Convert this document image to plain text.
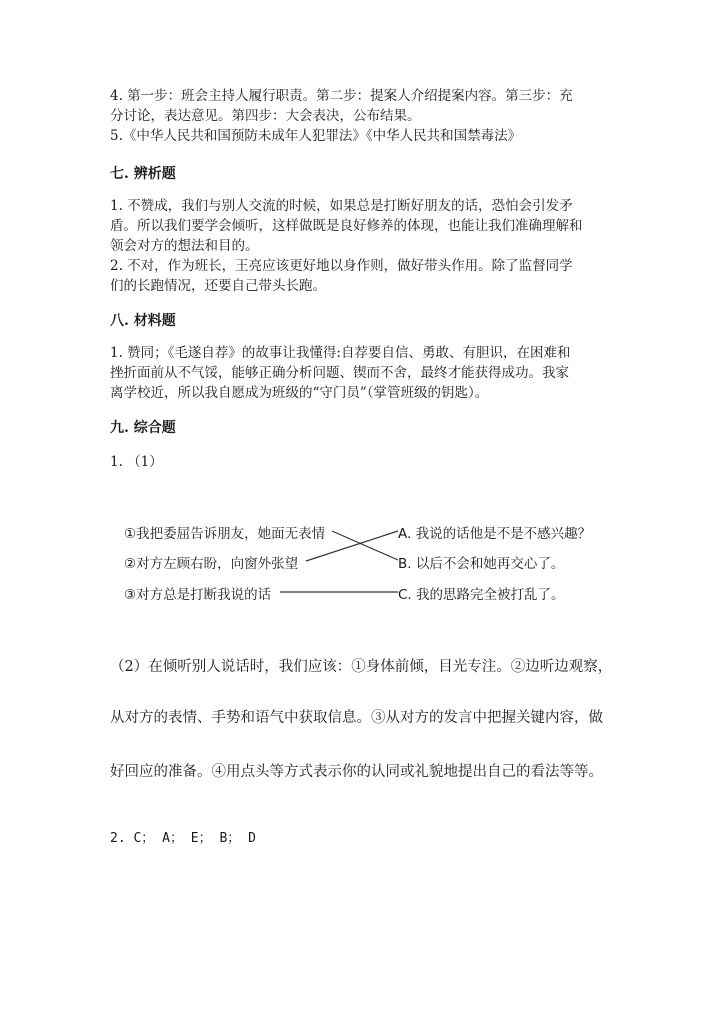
4. 第一步：班会主持人履行职责。第二步：提案人介绍提案内容。第三步：充
分讨论，表达意见。第四步：大会表决，公布结果。
5.《中华人民共和国预防未成年人犯罪法》《中华人民共和国禁毒法》
七. 辨析题
1. 不赞成，我们与别人交流的时候，如果总是打断好朋友的话，恐怕会引发矛
盾。所以我们要学会倾听，这样做既是良好修养的体现，也能让我们准确理解和
领会对方的想法和目的。
2. 不对，作为班长，王亮应该更好地以身作则，做好带头作用。除了监督同学
们的长跑情况，还要自己带头长跑。
八. 材料题
1. 赞同；《毛遂自荐》的故事让我懂得:自荐要自信、勇敢、有胆识，在困难和
挫折面前从不气馁，能够正确分析问题、锲而不舍，最终才能获得成功。我家
离学校近，所以我自愿成为班级的“守门员”（掌管班级的钥匙）。
九. 综合题
1. （1）
①我把委屈告诉朋友，她面无表情
②对方左顾右盼，向窗外张望
③对方总是打断我说的话
A. 我说的话他是不是不感兴趣？
B. 以后不会和她再交心了。
C. 我的思路完全被打乱了。
（2）在倾听别人说话时，我们应该：①身体前倾，目光专注。②边听边观察，
从对方的表情、手势和语气中获取信息。③从对方的发言中把握关键内容，做
好回应的准备。④用点头等方式表示你的认同或礼貌地提出自己的看法等等。
2. C； A； E； B； D
